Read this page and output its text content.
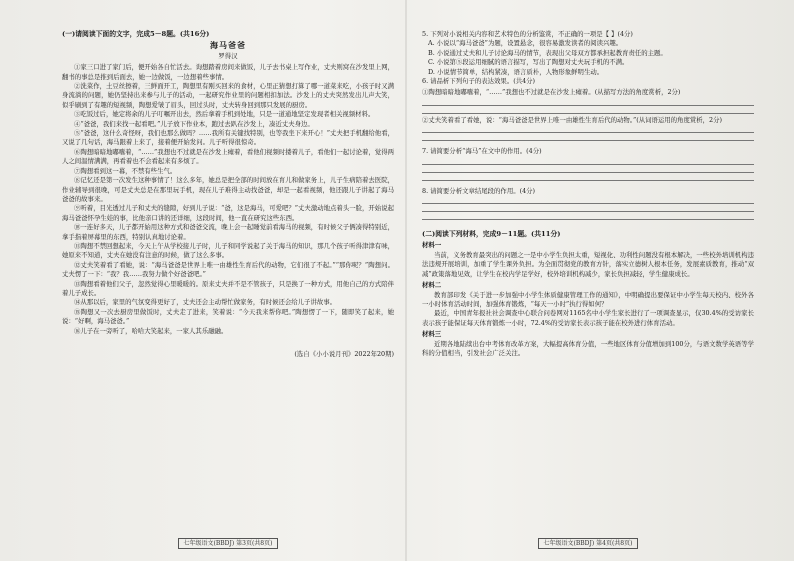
(一)请阅读下面的文字，完成5－8题。(共16分)
海马爸爸
罗得汉

①家三口进了家门后，便开始各自忙活去。询想踏着房间来做饭，儿子去书桌上写作业，丈夫则窝在沙发里上网，翻书的事总是推到后面去，她一边做饭，一边想着些事情。

②洗菜作，土豆丝擦着，三鲜面开工，陶想里有刚买回来的食材，心里正猜想打算了哪一道菜来吃，小孩子时又满身流淌的问题，她仍坚持出来参与儿子的活动，一起研究作业里的问题相扣加法。沙发上的丈夫突然发出儿声大笑，似乎刷到了有趣的短视频，陶想爱皱了眉头，回过头时，丈夫转身回到那只发展的厨房。

③吃饭过后，她定将余的儿子叮嘱开出去，然后拿着手机到处地，只是一道通地坚定发现者相关视频材料。

④“爸爸，我们来找一起看吧。”儿子放下作业本，跑过去趴在沙发上，凑近丈夫身边。

⑤“爸爸，这什么奇怪呀，我们也那么做吗？……我所有关键找特别，也等我坐下来开心！”丈夫把手机翻给他看，又说了几句话，海马跟着上来了，接着便开始发问。儿子听得很惊奇。

⑥陶想暗暗地嘟囔着，“……”我想也不过就是在沙发上瘫着，看他们视频时搂着儿子，看他们一起讨论着，觉得两人之间温情满满，再看着也不会看起来有多烦了。

⑦陶想看到这一幕，不禁有些生气。

⑧记忆还是第一次发生这种事情了！这么多年，她总是把全部的时间放在育儿和做家务上，儿子生病陪着去医院，作业辅导到很晚，可是丈夫总是在那里玩手机，现在儿子难得主动找爸爸，却是一起看视频，他还跟儿子讲起了海马爸爸的故事来。

⑨听着，目光透过儿子和丈夫的缝隙，好到儿子说：“爸，这是海马，可爱吧？”丈夫激动地点着头一脸，开始说起海马爸爸怀孕生娃的事，比他亲口讲的还详细，这段时间，他一直在研究这些东西。

⑩一连好多天，儿子都开始用这种方式和爸爸交流，晚上会一起睡觉前看海马的视频，有时候父子俩凑得特别近，拿手指着屏幕里的东西，特别认真地讨论着。

⑪陶想不禁回想起来，今天上午从学校接儿子时，儿子和同学说起了关于海马的知识，那几个孩子听得津津有味，她原来不知道，丈夫在她没有注意的时候，做了这么多事。

⑫丈夫笑着看了看她，说：“海马爸爸是世界上唯一由雄性生育后代的动物，它们很了不起。”“那你呢？”陶想问。丈夫愣了一下：“我？我……我努力做个好爸爸吧。”

⑬陶想看着他们父子，忽然觉得心里暖暖的。原来丈夫并不是不管孩子，只是换了一种方式，用他自己的方式陪伴着儿子成长。

⑭从那以后，家里的气氛变得更好了，丈夫还会主动帮忙做家务，有时候还会给儿子讲故事。

⑮陶想又一次去厨房里做饭时，丈夫走了进来，笑着说：“今天我来帮你吧。”陶想愣了一下，随即笑了起来，她说：“好啊，海马爸爸。”

⑯儿子在一旁听了，哈哈大笑起来，一家人其乐融融。

(选自《小小说月刊》2022年20期)
七年级语文(BBDJ) 第3页(共8页)

5. 下列对小说相关内容和艺术特色的分析鉴赏，不正确的一项是【 】(4分)

A. 小说以“海马爸爸”为题，设置悬念，很容易激发读者的阅读兴趣。

B. 小说通过丈夫和儿子讨论海马的情节，表现出父母双方都承担起教育责任的主题。

C. 小说第⑤段运用细腻的语言描写，写出了陶想对丈夫玩手机的不满。

D. 小说情节简单，结构紧凑，语言质朴，人物形象鲜明生动。

6. 请品析下列句子的表达效果。(共4分)

①陶想暗暗地嘟囔着，“……”我想也不过就是在沙发上瘫着。(从描写方法的角度赏析，2分)

②丈夫笑着看了看她，说：“海马爸爸是世界上唯一由雄性生育后代的动物。”(从词语运用的角度赏析，2分)

7. 请简要分析“海马”在文中的作用。(4分)

8. 请简要分析文章结尾段的作用。(4分)

(二)阅读下列材料，完成9－11题。(共11分)
材料一

当前，义务教育最突出的问题之一是中小学生负担太重，短视化、功利性问题没有根本解决，一些校外培训机构违法违规开展培训，加重了学生课外负担。为全面贯彻党的教育方针，落实立德树人根本任务，发展素质教育，推动“双减”政策落地见效，让学生在校内学足学好，校外培训机构减少，家长负担减轻，学生健康成长。

材料二

教育部印发《关于进一步加强中小学生体质健康管理工作的通知》，中明确提出要保证中小学生每天校内、校外各一小时体育活动时间，加强体育锻炼，“每天一小时”执行得如何？

最近，中国青年报社社会调查中心联合问卷网对1165名中小学生家长进行了一项调查显示，仅30.4%的受访家长表示孩子能保证每天体育锻炼一小时，72.4%的受访家长表示孩子能在校外进行体育活动。

材料三

近期各地陆续出台中考体育改革方案，大幅提高体育分值，一些地区体育分值增加到100分，与语文数学英语等学科的分值相当，引发社会广泛关注。

七年级语文(BBDJ) 第4页(共8页)
